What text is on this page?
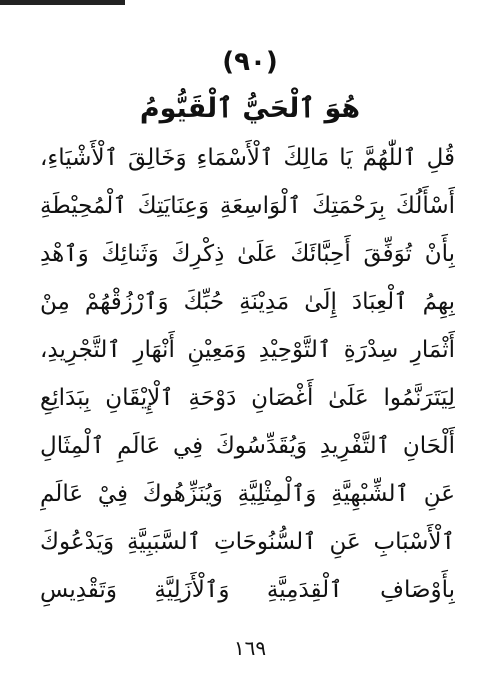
(٩٠)
هُوَ ٱلْحَيُّ ٱلْقَيُّومُ
قُلِ ٱللّٰهُمَّ يَا مَالِكَ ٱلْأَسْمَاءِ وَخَالِقَ ٱلْأَشْيَاءِ،
أَسْأَلُكَ بِرَحْمَتِكَ ٱلْوَاسِعَةِ وَعِنَايَتِكَ ٱلْمُحِيْطَةِ
بِأَنْ تُوَفِّقَ أَحِبَّائَكَ عَلَىٰ ذِكْرِكَ وَثَنائِكَ وَٱهْدِ
بِهِمُ ٱلْعِبَادَ إِلَىٰ مَدِيْنَةِ حُبِّكَ وَٱرْزُقْهُمْ مِنْ
أَثْمَارِ سِدْرَةِ ٱلتَّوْحِيْدِ وَمَعِيْنِ أَنْهَارِ ٱلتَّجْرِيدِ،
لِيَتَرَنَّمُوا عَلَىٰ أَغْصَانِ دَوْحَةِ ٱلْإِيْقَانِ بِبَدَائِعِ
أَلْحَانِ ٱلتَّفْرِيدِ وَيُقَدِّسُوكَ فِي عَالَمِ ٱلْمِثَالِ
عَنِ ٱلشِّبْهِيَّةِ وَٱلْمِثْلِيَّةِ وَيُنَزِّهُوكَ فِيْ عَالَمِ
ٱلْأَسْبَابِ عَنِ ٱلسُّنُوحَاتِ ٱلسَّبَبِيَّةِ وَيَدْعُوكَ
بِأَوْصَافِ ٱلْقِدَمِيَّةِ وَٱلْأَزَلِيَّةِ وَتَقْدِيسِ
١٦٩
